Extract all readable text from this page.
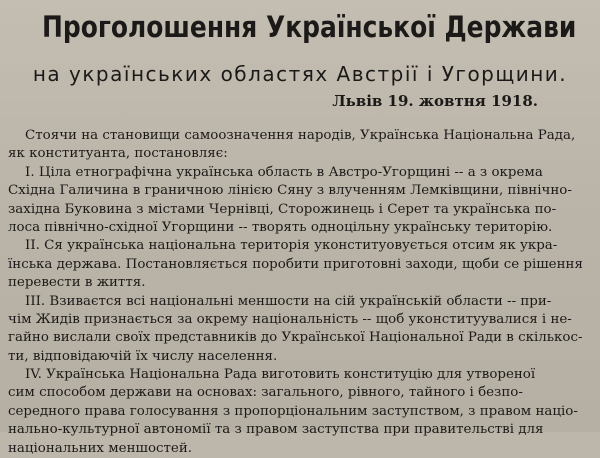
Проголошення Української Держави
на українських областях Австрії і Угорщини.
Львів 19. жовтня 1918.
Стоячи на становищи самоозначення народів, Українська Національна Рада,
як конституанта, постановляє:
I. Ціла етнографічна українська область в Австро-Угорщині -- а з окрема
Східна Галичина в граничною лінією Сяну з влученням Лемківщини, північно-
західна Буковина з містами Чернівці, Сторожинець і Серет та українська по-
лоса північно-східної Угорщини -- творять одноцільну українську територію.
II. Ся українська національна територія уконституовується отсим як укра-
їнська держава. Постановляється поробити приготовні заходи, щоби се рішення
перевести в життя.
III. Взиваєтся всі національні меншости на сій українській области -- при-
чім Жидів признається за окрему національність -- щоб уконституувалися і не-
гайно вислали своїх представників до Української Національної Ради в скількос-
ти, відповідаючій їх числу населення.
IV. Українська Національна Рада виготовить конституцію для утвореної
сим способом держави на основах: загального, рівного, тайного і безпо-
середного права голосування з пропорціональним заступством, з правом націо-
нально-культурної автономії та з правом заступства при правительстві для
національних меншостей.
